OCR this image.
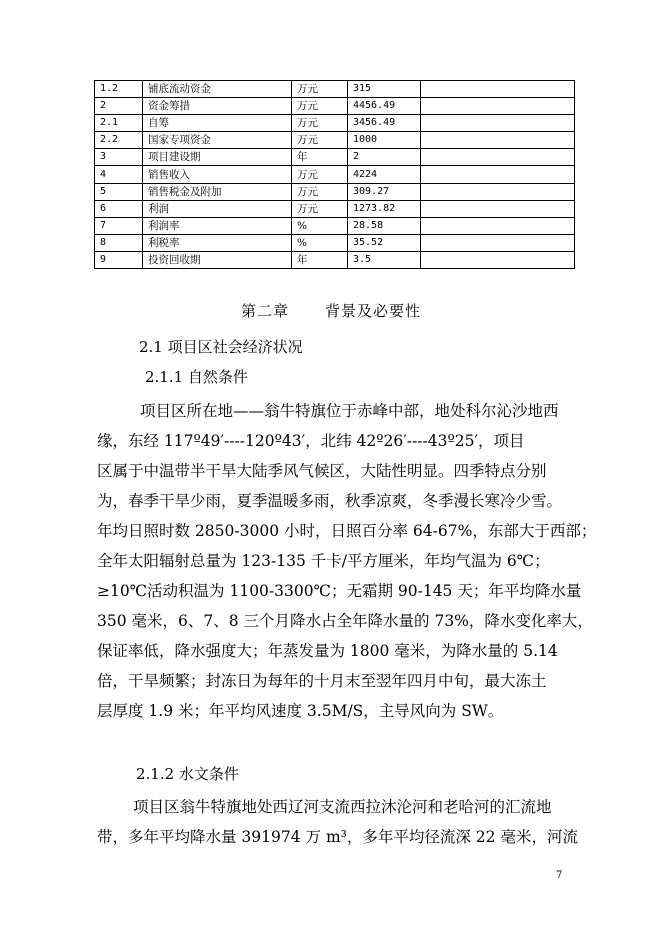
1.2	铺底流动资金	万元	315	
2	资金筹措	万元	4456.49	
2.1	自筹	万元	3456.49	
2.2	国家专项资金	万元	1000	
3	项目建设期	年	2	
4	销售收入	万元	4224	
5	销售税金及附加	万元	309.27	
6	利润	万元	1273.82	
7	利润率	%	28.58	
8	利税率	%	35.52	
9	投资回收期	年	3.5	
第二章 背景及必要性
2.1 项目区社会经济状况
2.1.1 自然条件
项目区所在地——翁牛特旗位于赤峰中部，地处科尔沁沙地西
缘，东经 117º49′----120º43′，北纬 42º26′----43º25′，项目
区属于中温带半干旱大陆季风气候区，大陆性明显。四季特点分别
为，春季干旱少雨，夏季温暖多雨，秋季凉爽，冬季漫长寒冷少雪。
年均日照时数 2850-3000 小时，日照百分率 64-67%，东部大于西部；
全年太阳辐射总量为 123-135 千卡/平方厘米，年均气温为 6℃；
≥10℃活动积温为 1100-3300℃；无霜期 90-145 天；年平均降水量
350 毫米，6、7、8 三个月降水占全年降水量的 73%，降水变化率大，
保证率低，降水强度大；年蒸发量为 1800 毫米，为降水量的 5.14
倍，干旱频繁；封冻日为每年的十月末至翌年四月中旬，最大冻土
层厚度 1.9 米；年平均风速度 3.5M/S，主导风向为 SW。
2.1.2 水文条件
项目区翁牛特旗地处西辽河支流西拉沐沦河和老哈河的汇流地
带，多年平均降水量 391974 万 m³，多年平均径流深 22 毫米，河流
7
